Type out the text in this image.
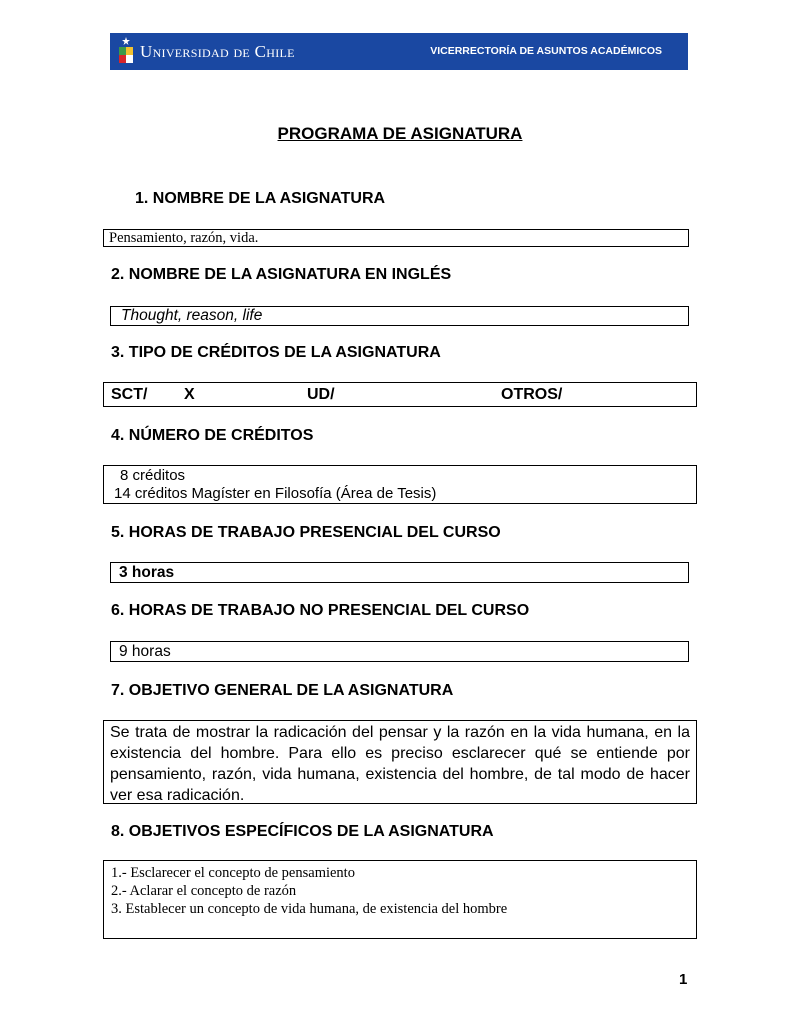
Universidad de Chile	VICERRECTORÍA DE ASUNTOS ACADÉMICOS
PROGRAMA DE ASIGNATURA
1. NOMBRE DE LA ASIGNATURA
Pensamiento, razón, vida.
2. NOMBRE DE LA ASIGNATURA EN INGLÉS
Thought, reason, life
3. TIPO DE CRÉDITOS DE LA ASIGNATURA
SCT/ X	UD/	OTROS/
4. NÚMERO DE CRÉDITOS
8 créditos
14 créditos Magíster en Filosofía (Área de Tesis)
5. HORAS DE TRABAJO PRESENCIAL DEL CURSO
3 horas
6. HORAS DE TRABAJO NO PRESENCIAL DEL CURSO
9 horas
7. OBJETIVO GENERAL DE LA ASIGNATURA
Se trata de mostrar la radicación del pensar y la razón en la vida humana, en la existencia del hombre. Para ello es preciso esclarecer qué se entiende por pensamiento, razón, vida humana, existencia del hombre, de tal modo de hacer ver esa radicación.
8. OBJETIVOS ESPECÍFICOS DE LA ASIGNATURA
1.- Esclarecer el concepto de pensamiento
2.- Aclarar el concepto de razón
3. Establecer un concepto de vida humana, de existencia del hombre
1
